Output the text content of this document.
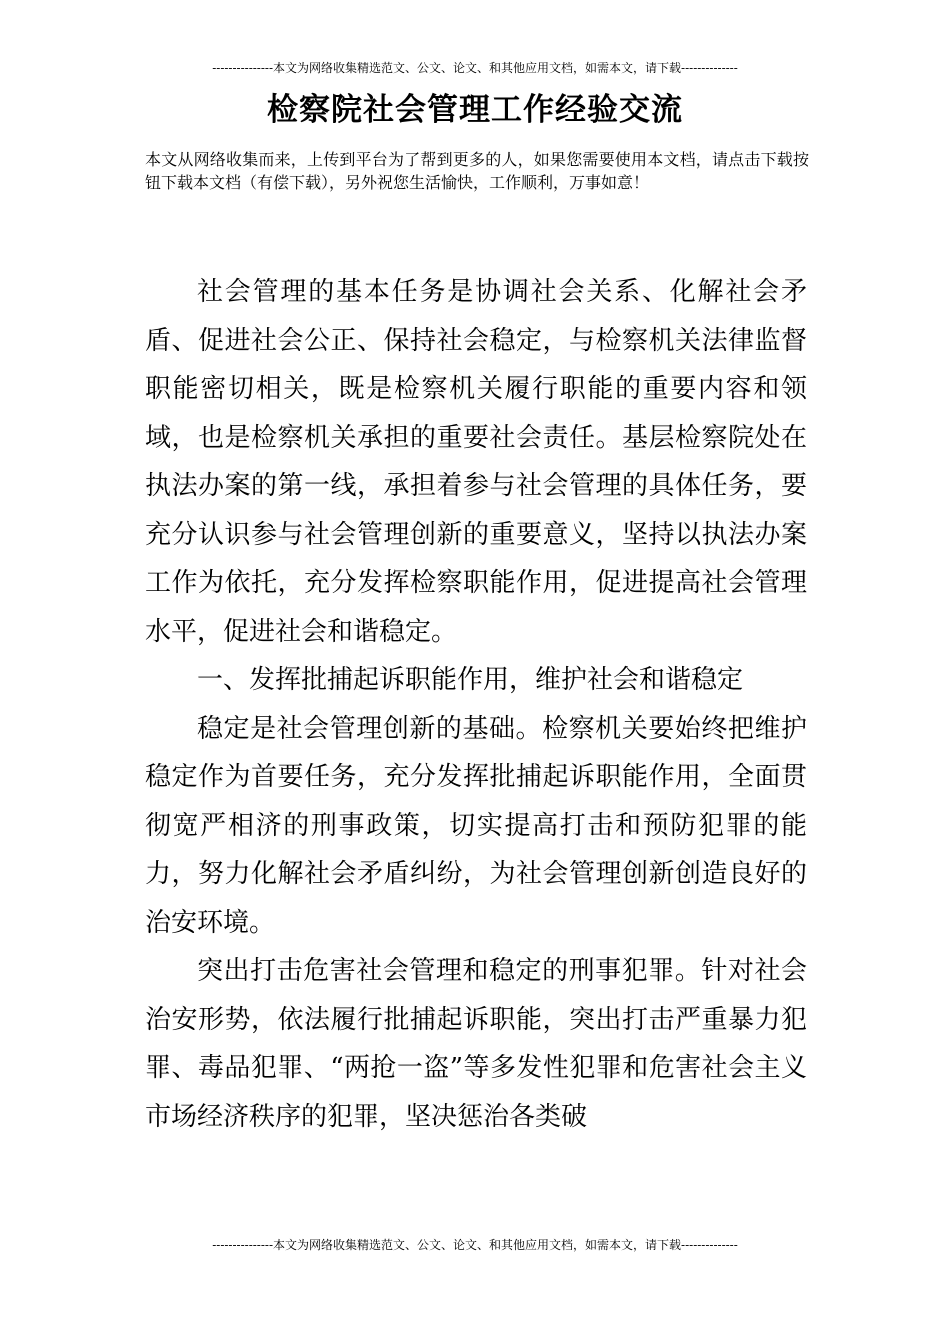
---------------本文为网络收集精选范文、公文、论文、和其他应用文档，如需本文，请下载--------------
检察院社会管理工作经验交流
本文从网络收集而来，上传到平台为了帮到更多的人，如果您需要使用本文档，请点击下载按钮下载本文档（有偿下载），另外祝您生活愉快，工作顺利，万事如意！

社会管理的基本任务是协调社会关系、化解社会矛盾、促进社会公正、保持社会稳定，与检察机关法律监督职能密切相关，既是检察机关履行职能的重要内容和领域，也是检察机关承担的重要社会责任。基层检察院处在执法办案的第一线，承担着参与社会管理的具体任务，要充分认识参与社会管理创新的重要意义，坚持以执法办案工作为依托，充分发挥检察职能作用，促进提高社会管理水平，促进社会和谐稳定。

一、发挥批捕起诉职能作用，维护社会和谐稳定

稳定是社会管理创新的基础。检察机关要始终把维护稳定作为首要任务，充分发挥批捕起诉职能作用，全面贯彻宽严相济的刑事政策，切实提高打击和预防犯罪的能力，努力化解社会矛盾纠纷，为社会管理创新创造良好的治安环境。

突出打击危害社会管理和稳定的刑事犯罪。针对社会治安形势，依法履行批捕起诉职能，突出打击严重暴力犯罪、毒品犯罪、“两抢一盗”等多发性犯罪和危害社会主义市场经济秩序的犯罪，坚决惩治各类破

---------------本文为网络收集精选范文、公文、论文、和其他应用文档，如需本文，请下载--------------
